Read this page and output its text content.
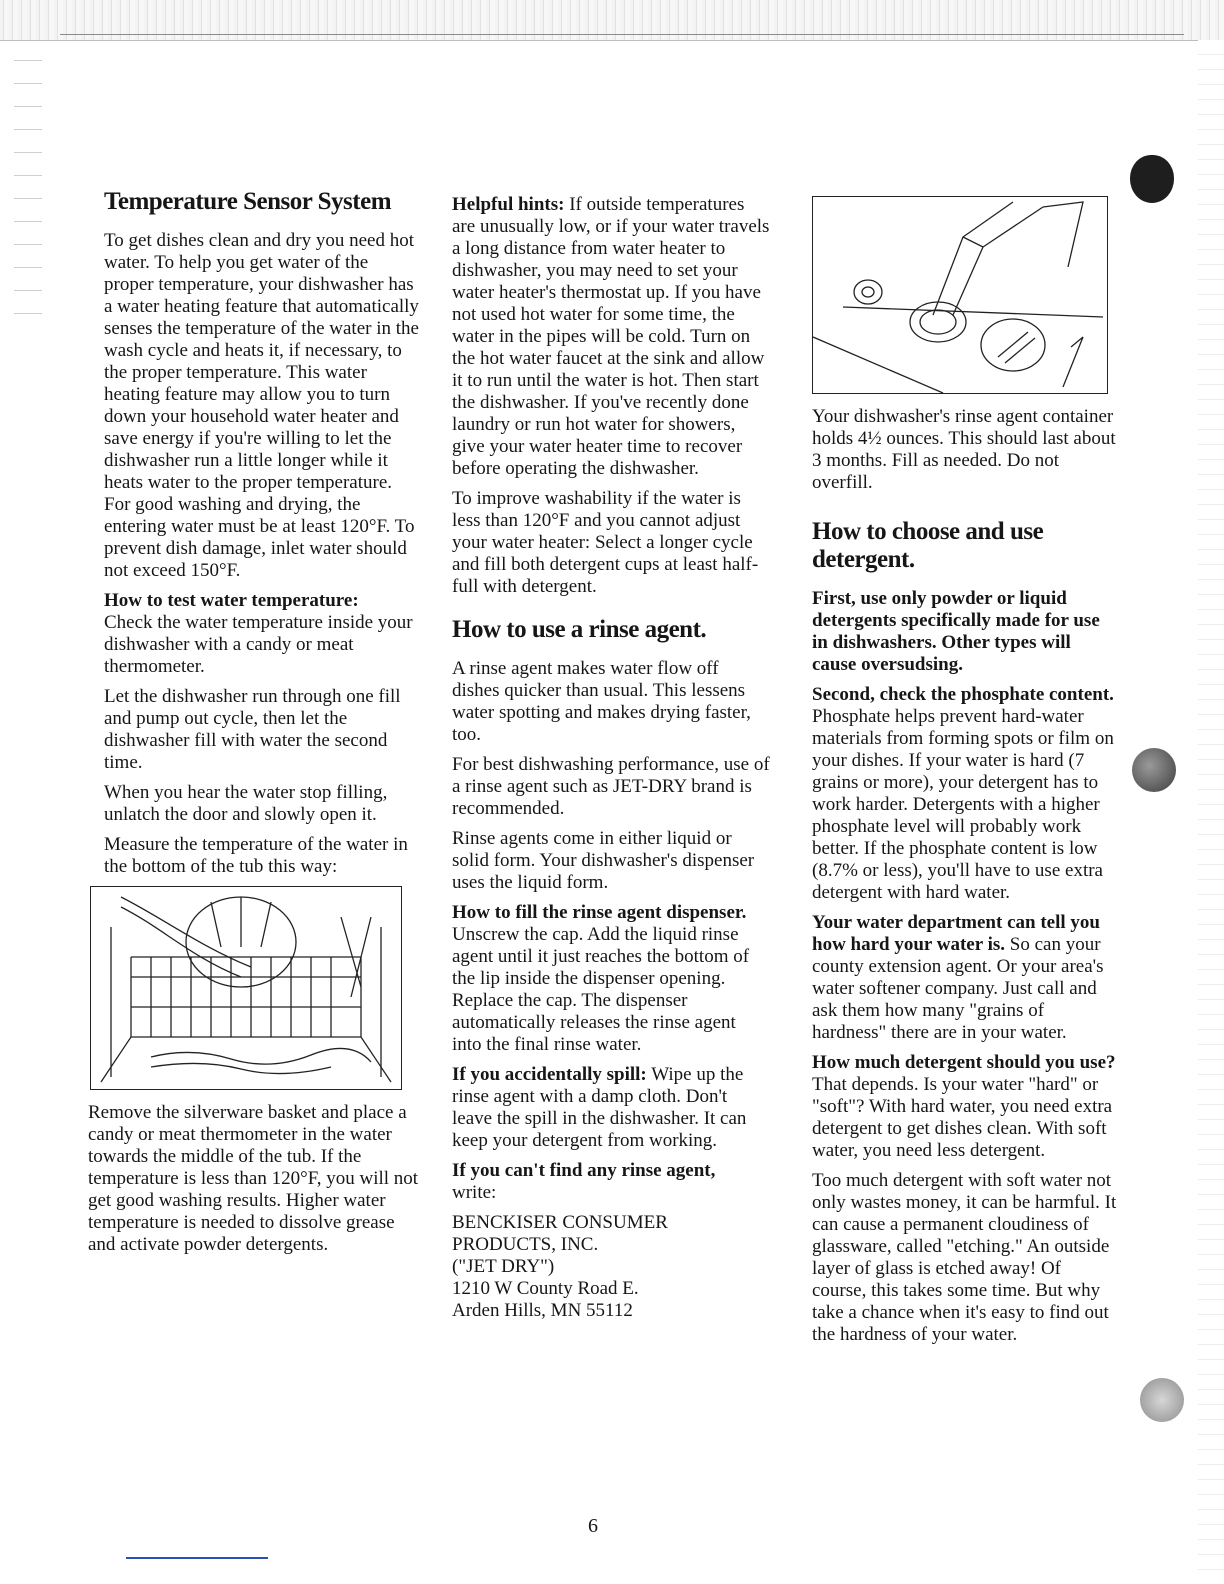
Temperature Sensor System

To get dishes clean and dry you need hot water. To help you get water of the proper temperature, your dishwasher has a water heating feature that automatically senses the temperature of the water in the wash cycle and heats it, if necessary, to the proper temperature. This water heating feature may allow you to turn down your household water heater and save energy if you're willing to let the dishwasher run a little longer while it heats water to the proper temperature. For good washing and drying, the entering water must be at least 120°F. To prevent dish damage, inlet water should not exceed 150°F.

How to test water temperature:
Check the water temperature inside your dishwasher with a candy or meat thermometer.

Let the dishwasher run through one fill and pump out cycle, then let the dishwasher fill with water the second time.

When you hear the water stop filling, unlatch the door and slowly open it.

Measure the temperature of the water in the bottom of the tub this way:

Remove the silverware basket and place a candy or meat thermometer in the water towards the middle of the tub. If the temperature is less than 120°F, you will not get good washing results. Higher water temperature is needed to dissolve grease and activate powder detergents.

Helpful hints: If outside temperatures are unusually low, or if your water travels a long distance from water heater to dishwasher, you may need to set your water heater's thermostat up. If you have not used hot water for some time, the water in the pipes will be cold. Turn on the hot water faucet at the sink and allow it to run until the water is hot. Then start the dishwasher. If you've recently done laundry or run hot water for showers, give your water heater time to recover before operating the dishwasher.

To improve washability if the water is less than 120°F and you cannot adjust your water heater: Select a longer cycle and fill both detergent cups at least half-full with detergent.

How to use a rinse agent.

A rinse agent makes water flow off dishes quicker than usual. This lessens water spotting and makes drying faster, too.

For best dishwashing performance, use of a rinse agent such as JET-DRY brand is recommended.

Rinse agents come in either liquid or solid form. Your dishwasher's dispenser uses the liquid form.

How to fill the rinse agent dispenser. Unscrew the cap. Add the liquid rinse agent until it just reaches the bottom of the lip inside the dispenser opening. Replace the cap. The dispenser automatically releases the rinse agent into the final rinse water.

If you accidentally spill: Wipe up the rinse agent with a damp cloth. Don't leave the spill in the dishwasher. It can keep your detergent from working.

If you can't find any rinse agent,
write:

BENCKISER CONSUMER
PRODUCTS, INC.
("JET DRY")
1210 W County Road E.
Arden Hills, MN 55112

Your dishwasher's rinse agent container holds 4½ ounces. This should last about 3 months. Fill as needed. Do not overfill.

How to choose and use detergent.

First, use only powder or liquid detergents specifically made for use in dishwashers. Other types will cause oversudsing.

Second, check the phosphate content. Phosphate helps prevent hard-water materials from forming spots or film on your dishes. If your water is hard (7 grains or more), your detergent has to work harder. Detergents with a higher phosphate level will probably work better. If the phosphate content is low (8.7% or less), you'll have to use extra detergent with hard water.

Your water department can tell you how hard your water is. So can your county extension agent. Or your area's water softener company. Just call and ask them how many "grains of hardness" there are in your water.

How much detergent should you use? That depends. Is your water "hard" or "soft"? With hard water, you need extra detergent to get dishes clean. With soft water, you need less detergent.

Too much detergent with soft water not only wastes money, it can be harmful. It can cause a permanent cloudiness of glassware, called "etching." An outside layer of glass is etched away! Of course, this takes some time. But why take a chance when it's easy to find out the hardness of your water.

6
